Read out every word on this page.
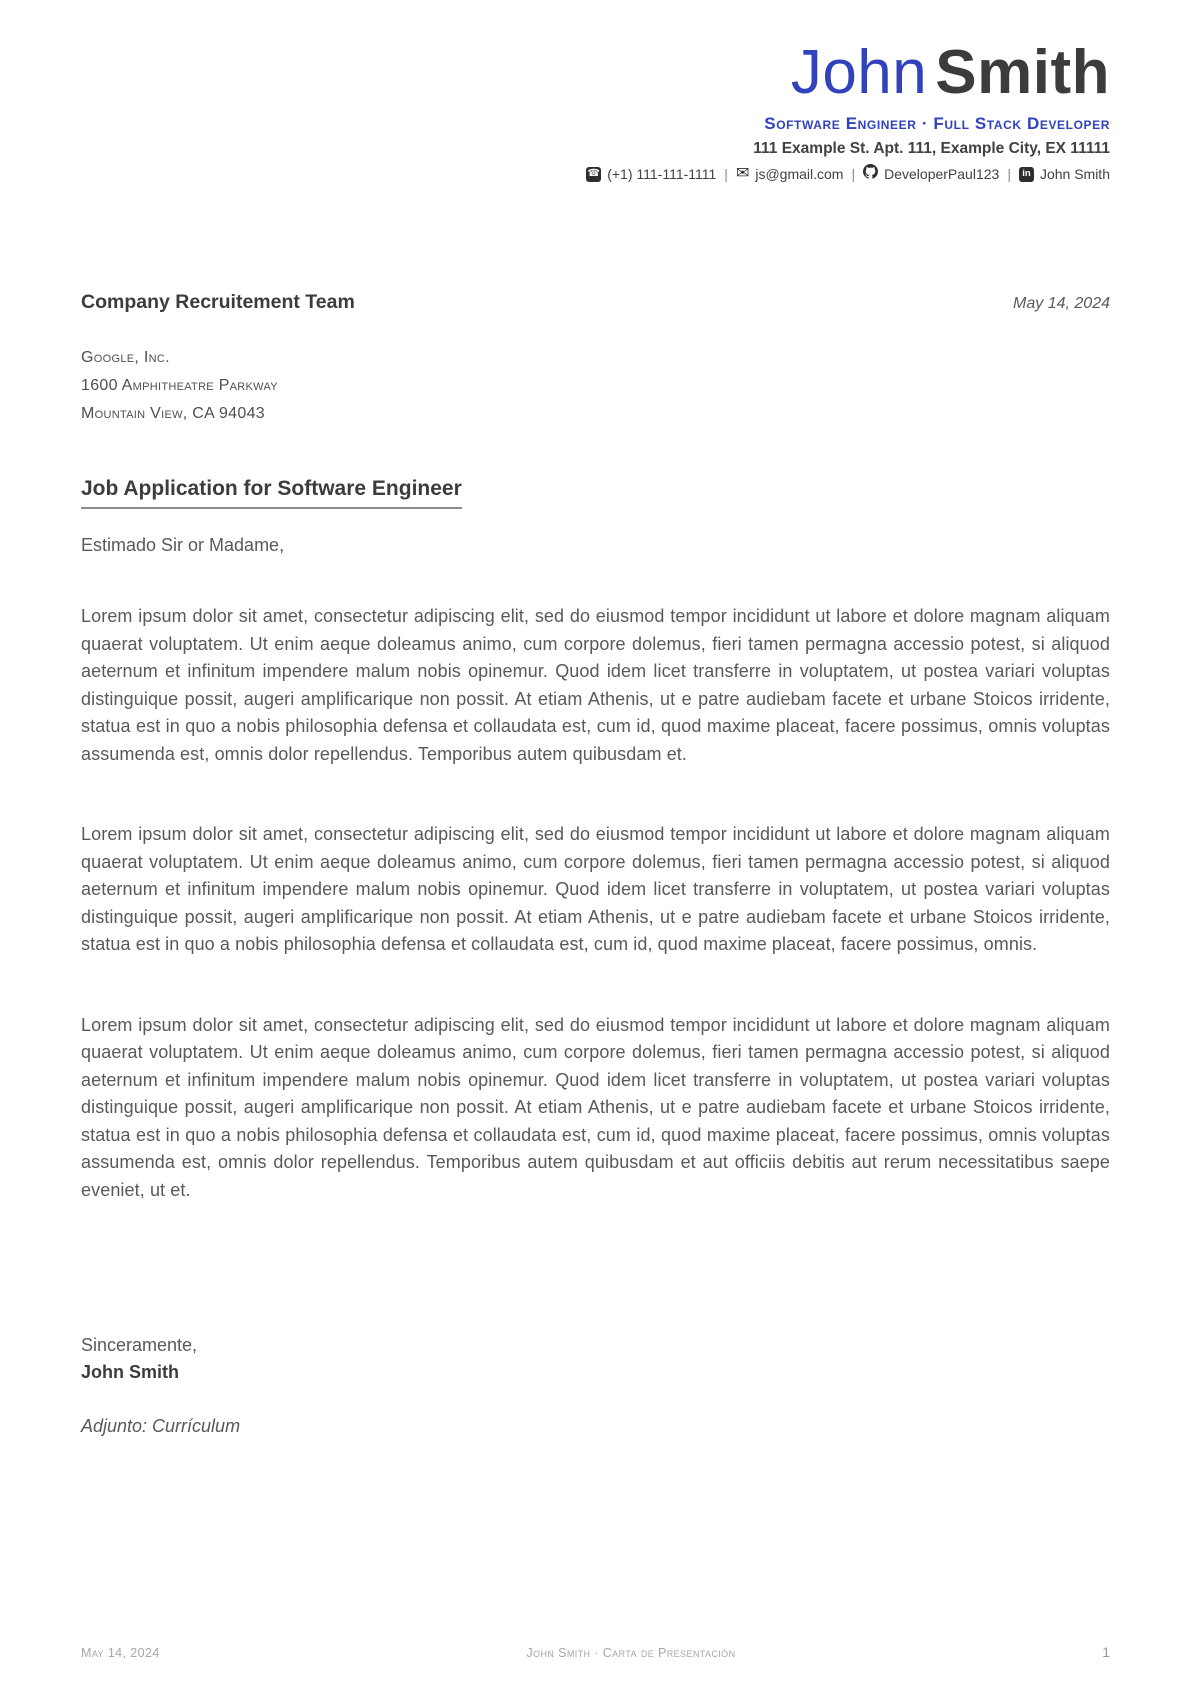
John Smith
Software Engineer · Full Stack Developer
111 Example St. Apt. 111, Example City, EX 11111
☎ (+1) 111-111-1111 | ✉ js@gmail.com | DeveloperPaul123 |	in John Smith
Company Recruitement Team	May 14, 2024
Google, Inc.
1600 Amphitheatre Parkway
Mountain View, CA 94043
Job Application for Software Engineer
Estimado Sir or Madame,

Lorem ipsum dolor sit amet, consectetur adipiscing elit, sed do eiusmod tempor incididunt ut labore et dolore magnam aliquam quaerat voluptatem. Ut enim aeque doleamus animo, cum corpore dolemus, fieri tamen permagna accessio potest, si aliquod aeternum et infinitum impendere malum nobis opinemur. Quod idem licet transferre in voluptatem, ut postea variari voluptas distinguique possit, augeri amplificarique non possit. At etiam Athenis, ut e patre audiebam facete et urbane Stoicos irridente, statua est in quo a nobis philosophia defensa et collaudata est, cum id, quod maxime placeat, facere possimus, omnis voluptas assumenda est, omnis dolor repellendus. Temporibus autem quibusdam et.

Lorem ipsum dolor sit amet, consectetur adipiscing elit, sed do eiusmod tempor incididunt ut labore et dolore magnam aliquam quaerat voluptatem. Ut enim aeque doleamus animo, cum corpore dolemus, fieri tamen permagna accessio potest, si aliquod aeternum et infinitum impendere malum nobis opinemur. Quod idem licet transferre in voluptatem, ut postea variari voluptas distinguique possit, augeri amplificarique non possit. At etiam Athenis, ut e patre audiebam facete et urbane Stoicos irridente, statua est in quo a nobis philosophia defensa et collaudata est, cum id, quod maxime placeat, facere possimus, omnis.

Lorem ipsum dolor sit amet, consectetur adipiscing elit, sed do eiusmod tempor incididunt ut labore et dolore magnam aliquam quaerat voluptatem. Ut enim aeque doleamus animo, cum corpore dolemus, fieri tamen permagna accessio potest, si aliquod aeternum et infinitum impendere malum nobis opinemur. Quod idem licet transferre in voluptatem, ut postea variari voluptas distinguique possit, augeri amplificarique non possit. At etiam Athenis, ut e patre audiebam facete et urbane Stoicos irridente, statua est in quo a nobis philosophia defensa et collaudata est, cum id, quod maxime placeat, facere possimus, omnis voluptas assumenda est, omnis dolor repellendus. Temporibus autem quibusdam et aut officiis debitis aut rerum necessitatibus saepe eveniet, ut et.

Sinceramente,
John Smith
Adjunto: Currículum
May 14, 2024	John Smith · Carta de Presentación	1
